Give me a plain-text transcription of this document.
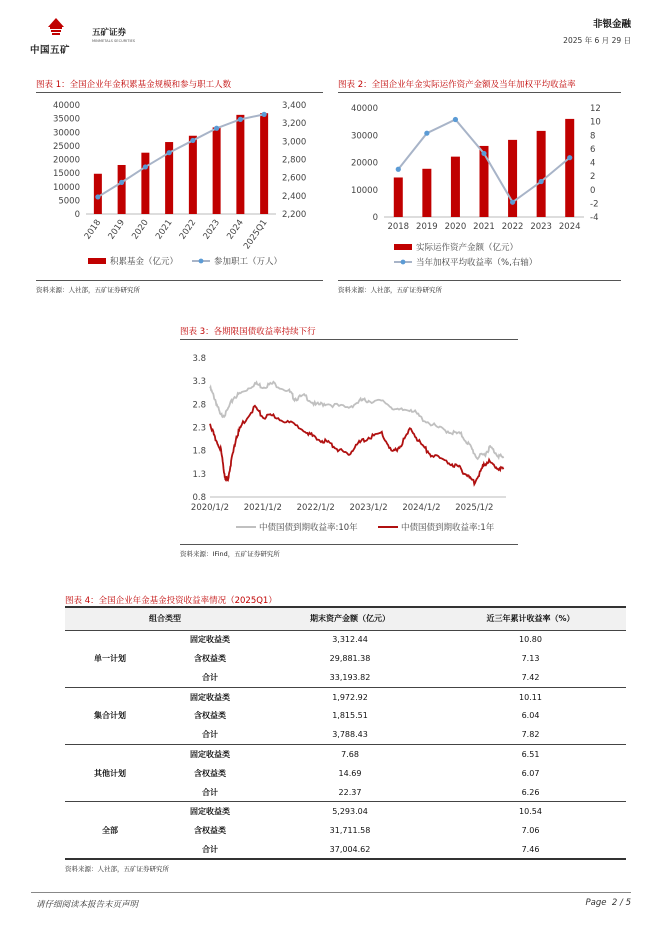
中国五矿
五矿证券
MINMETALS SECURITIES
非银金融
2025 年 6 月 29 日
图表 1：全国企业年金积累基金规模和参与职工人数
0
5000
10000
15000
20000
25000
30000
35000
40000
2,200
2,400
2,600
2,800
3,000
3,200
3,400
2018 2019 2020 2021 2022 2023 2024
2025Q1
积累基金（亿元）	参加职工（万人）
资料来源：人社部，五矿证券研究所
图表 2：全国企业年金实际运作资产金额及当年加权平均收益率
0
10000
20000
30000
40000
-4
-2
0
2
4
6
8
10
12
2018 2019 2020 2021 2022 2023 2024
实际运作资产金额（亿元）
当年加权平均收益率（%,右轴）
资料来源：人社部，五矿证券研究所
图表 3：各期限国债收益率持续下行
0.8
1.3
1.8
2.3
2.8
3.3
3.8
2020/1/2 2021/1/2 2022/1/2 2023/1/2 2024/1/2 2025/1/2
中债国债到期收益率:10年	中债国债到期收益率:1年
资料来源：IFind，五矿证券研究所
图表 4：全国企业年金基金投资收益率情况（2025Q1）
组合类型		期末资产金额（亿元）	近三年累计收益率（%）
单一计划	固定收益类	3,312.44	10.80
	含权益类	29,881.38	7.13
	合计	33,193.82	7.42
集合计划	固定收益类	1,972.92	10.11
	含权益类	1,815.51	6.04
	合计	3,788.43	7.82
其他计划	固定收益类	7.68	6.51
	含权益类	14.69	6.07
	合计	22.37	6.26
全部	固定收益类	5,293.04	10.54
	含权益类	31,711.58	7.06
	合计	37,004.62	7.46
资料来源：人社部，五矿证券研究所
请仔细阅读本报告末页声明	Page 2 / 5
